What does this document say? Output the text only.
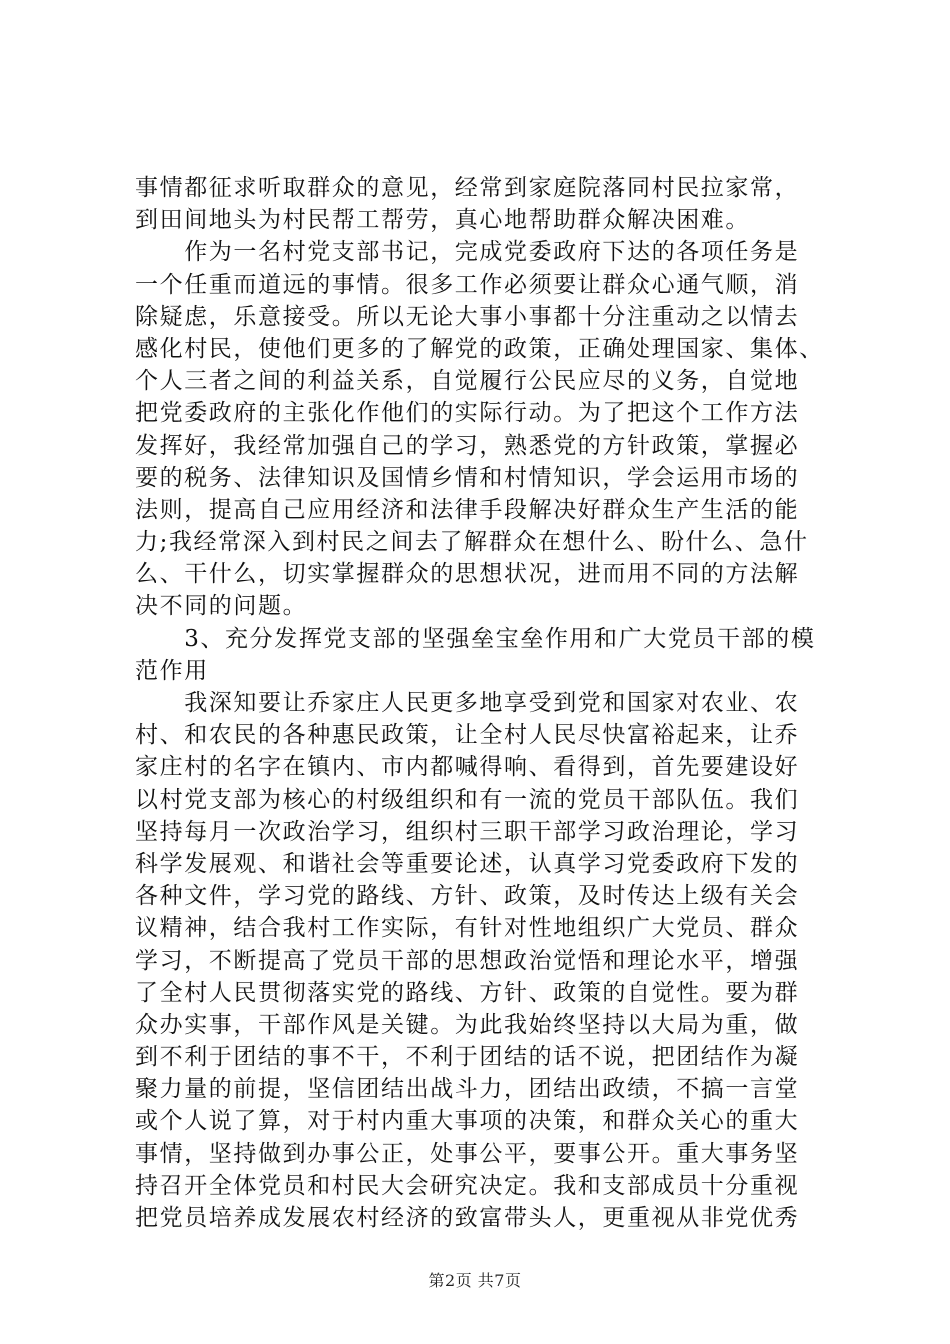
事情都征求听取群众的意见，经常到家庭院落同村民拉家常，
到田间地头为村民帮工帮劳，真心地帮助群众解决困难。
　　作为一名村党支部书记，完成党委政府下达的各项任务是
一个任重而道远的事情。很多工作必须要让群众心通气顺，消
除疑虑，乐意接受。所以无论大事小事都十分注重动之以情去
感化村民，使他们更多的了解党的政策，正确处理国家、集体、
个人三者之间的利益关系，自觉履行公民应尽的义务，自觉地
把党委政府的主张化作他们的实际行动。为了把这个工作方法
发挥好，我经常加强自己的学习，熟悉党的方针政策，掌握必
要的税务、法律知识及国情乡情和村情知识，学会运用市场的
法则，提高自己应用经济和法律手段解决好群众生产生活的能
力;我经常深入到村民之间去了解群众在想什么、盼什么、急什
么、干什么，切实掌握群众的思想状况，进而用不同的方法解
决不同的问题。
　　3、充分发挥党支部的坚强垒宝垒作用和广大党员干部的模
范作用
　　我深知要让乔家庄人民更多地享受到党和国家对农业、农
村、和农民的各种惠民政策，让全村人民尽快富裕起来，让乔
家庄村的名字在镇内、市内都喊得响、看得到，首先要建设好
以村党支部为核心的村级组织和有一流的党员干部队伍。我们
坚持每月一次政治学习，组织村三职干部学习政治理论，学习
科学发展观、和谐社会等重要论述，认真学习党委政府下发的
各种文件，学习党的路线、方针、政策，及时传达上级有关会
议精神，结合我村工作实际，有针对性地组织广大党员、群众
学习，不断提高了党员干部的思想政治觉悟和理论水平，增强
了全村人民贯彻落实党的路线、方针、政策的自觉性。要为群
众办实事，干部作风是关键。为此我始终坚持以大局为重，做
到不利于团结的事不干，不利于团结的话不说，把团结作为凝
聚力量的前提，坚信团结出战斗力，团结出政绩，不搞一言堂
或个人说了算，对于村内重大事项的决策，和群众关心的重大
事情，坚持做到办事公正，处事公平，要事公开。重大事务坚
持召开全体党员和村民大会研究决定。我和支部成员十分重视
把党员培养成发展农村经济的致富带头人，更重视从非党优秀
第2页 共7页
